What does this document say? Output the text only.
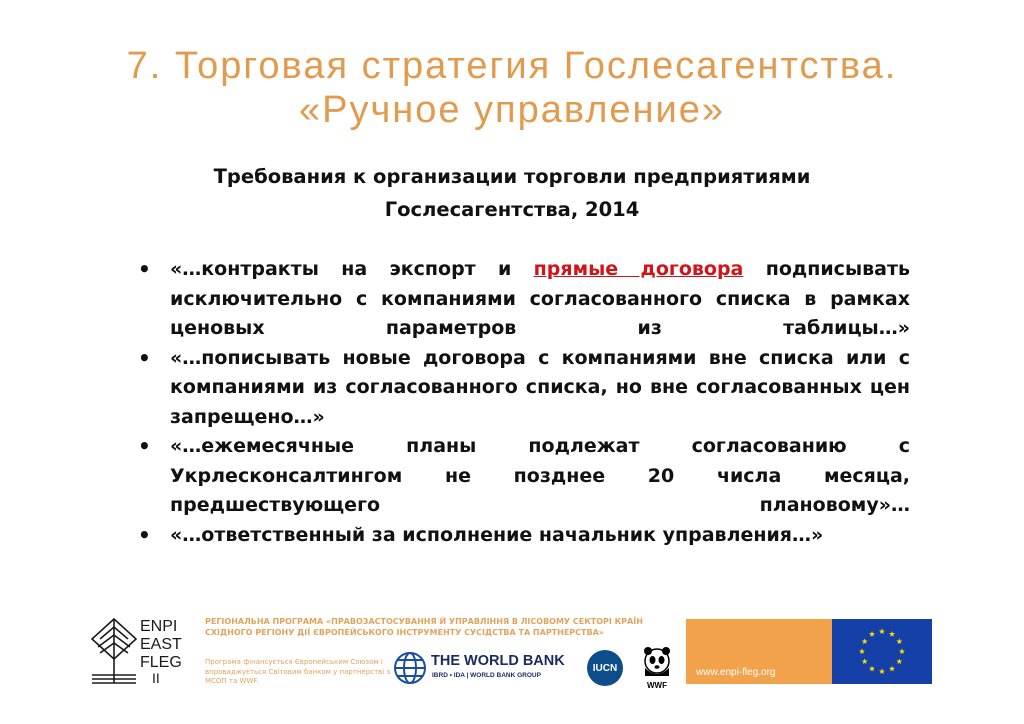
7. Торговая стратегия Гослесагентства.
«Ручное управление»
Требования к организации торговли предприятиями
Гослесагентства, 2014
• «…контракты на экспорт и прямые договора подписывать исключительно с компаниями согласованного списка в рамках ценовых параметров из таблицы…»
• «…пописывать новые договора с компаниями вне списка или с компаниями из согласованного списка, но вне согласованных цен запрещено…»
• «…ежемесячные планы подлежат согласованию с Укрлесконсалтингом не позднее 20 числа месяца, предшествующего плановому»…
• «…ответственный за исполнение начальник управления…»
ENPI
EAST
FLEG
II
РЕГІОНАЛЬНА ПРОГРАМА «ПРАВОЗАСТОСУВАННЯ Й УПРАВЛІННЯ В ЛІСОВОМУ СЕКТОРІ КРАЇН СХІДНОГО РЕГІОНУ ДІЇ ЄВРОПЕЙСЬКОГО ІНСТРУМЕНТУ СУСІДСТВА ТА ПАРТНЕРСТВА»
Програма фінансується Європейським Союзом і впроваджується Світовим банком у партнерстві з МСОП та WWF.
THE WORLD BANK
IBRD • IDA | WORLD BANK GROUP
IUCN
WWF
www.enpi-fleg.org
